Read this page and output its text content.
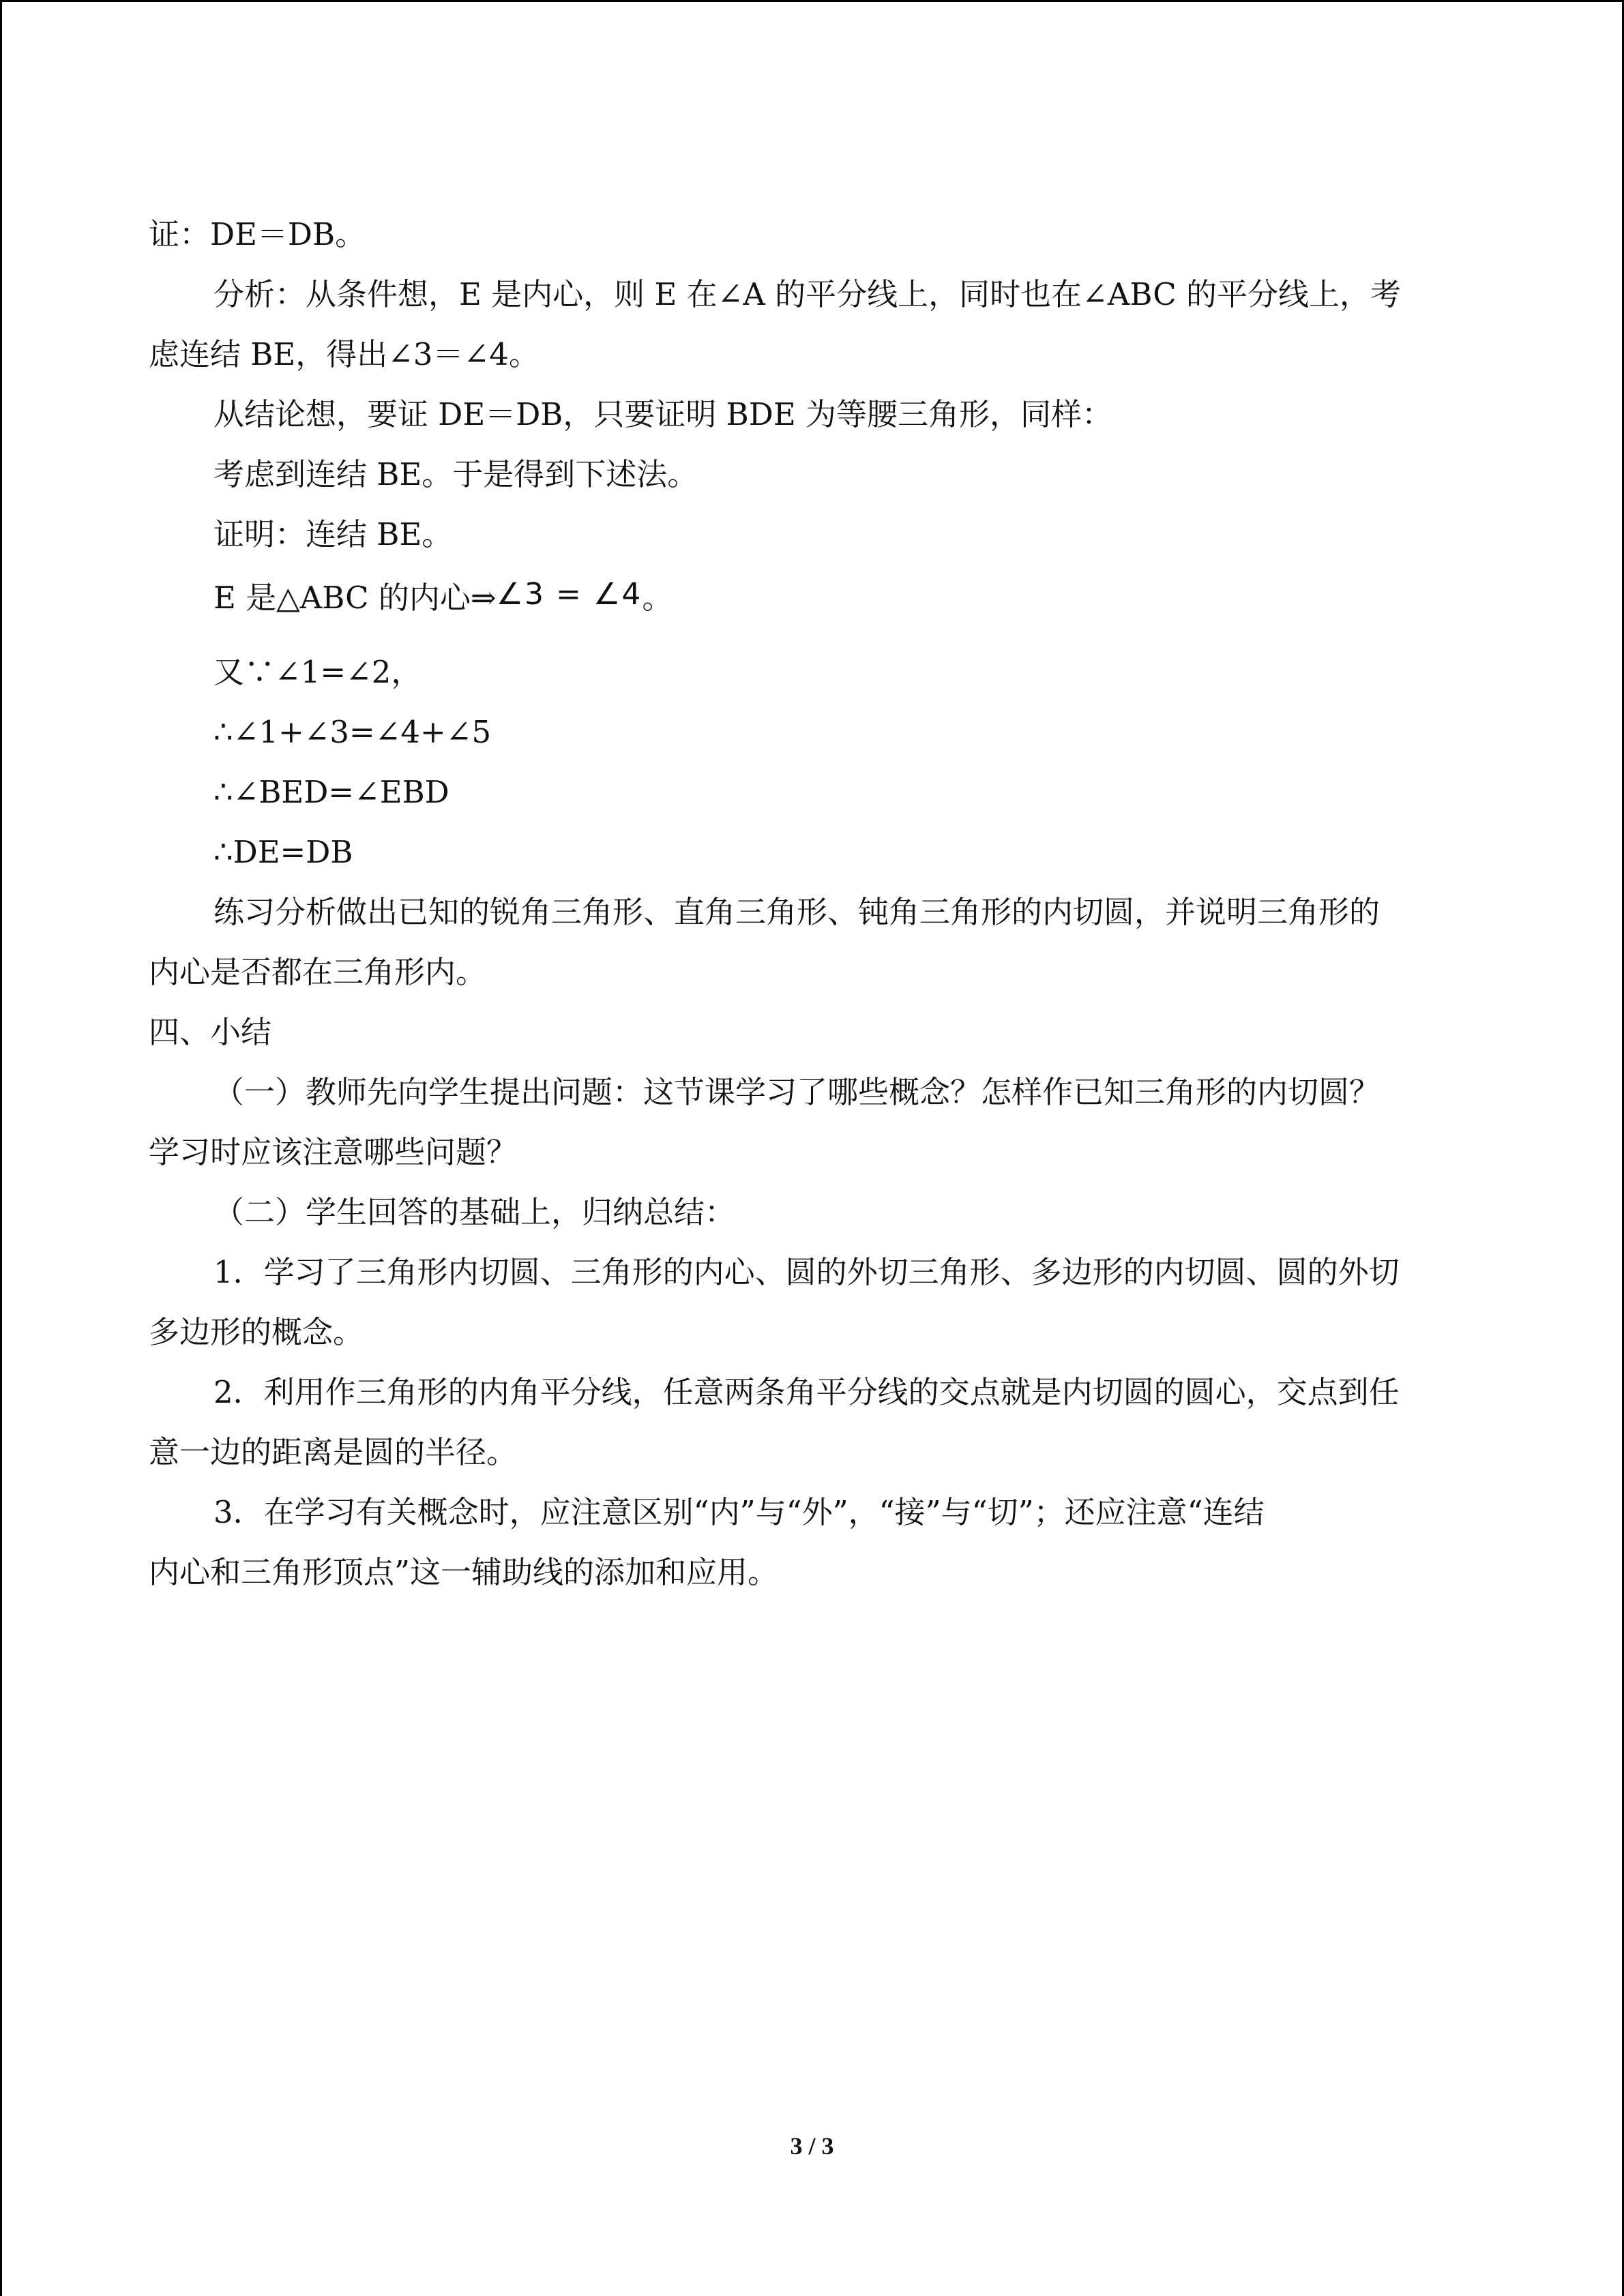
证：DE＝DB。
分析：从条件想，E 是内心，则 E 在∠A 的平分线上，同时也在∠ABC 的平分线上，考
虑连结 BE，得出∠3＝∠4。
从结论想，要证 DE＝DB，只要证明 BDE 为等腰三角形，同样：
考虑到连结 BE。于是得到下述法。
证明：连结 BE。
E 是△ABC 的内心⇒∠3 = ∠4。
又∵∠1=∠2，
∴∠1+∠3=∠4+∠5
∴∠BED=∠EBD
∴DE=DB
练习分析做出已知的锐角三角形、直角三角形、钝角三角形的内切圆，并说明三角形的
内心是否都在三角形内。
四、小结
（一）教师先向学生提出问题：这节课学习了哪些概念？怎样作已知三角形的内切圆？
学习时应该注意哪些问题？
（二）学生回答的基础上，归纳总结：
1．学习了三角形内切圆、三角形的内心、圆的外切三角形、多边形的内切圆、圆的外切
多边形的概念。
2．利用作三角形的内角平分线，任意两条角平分线的交点就是内切圆的圆心，交点到任
意一边的距离是圆的半径。
3．在学习有关概念时，应注意区别“内”与“外”，“接”与“切”；还应注意“连结
内心和三角形顶点”这一辅助线的添加和应用。
3 / 3
